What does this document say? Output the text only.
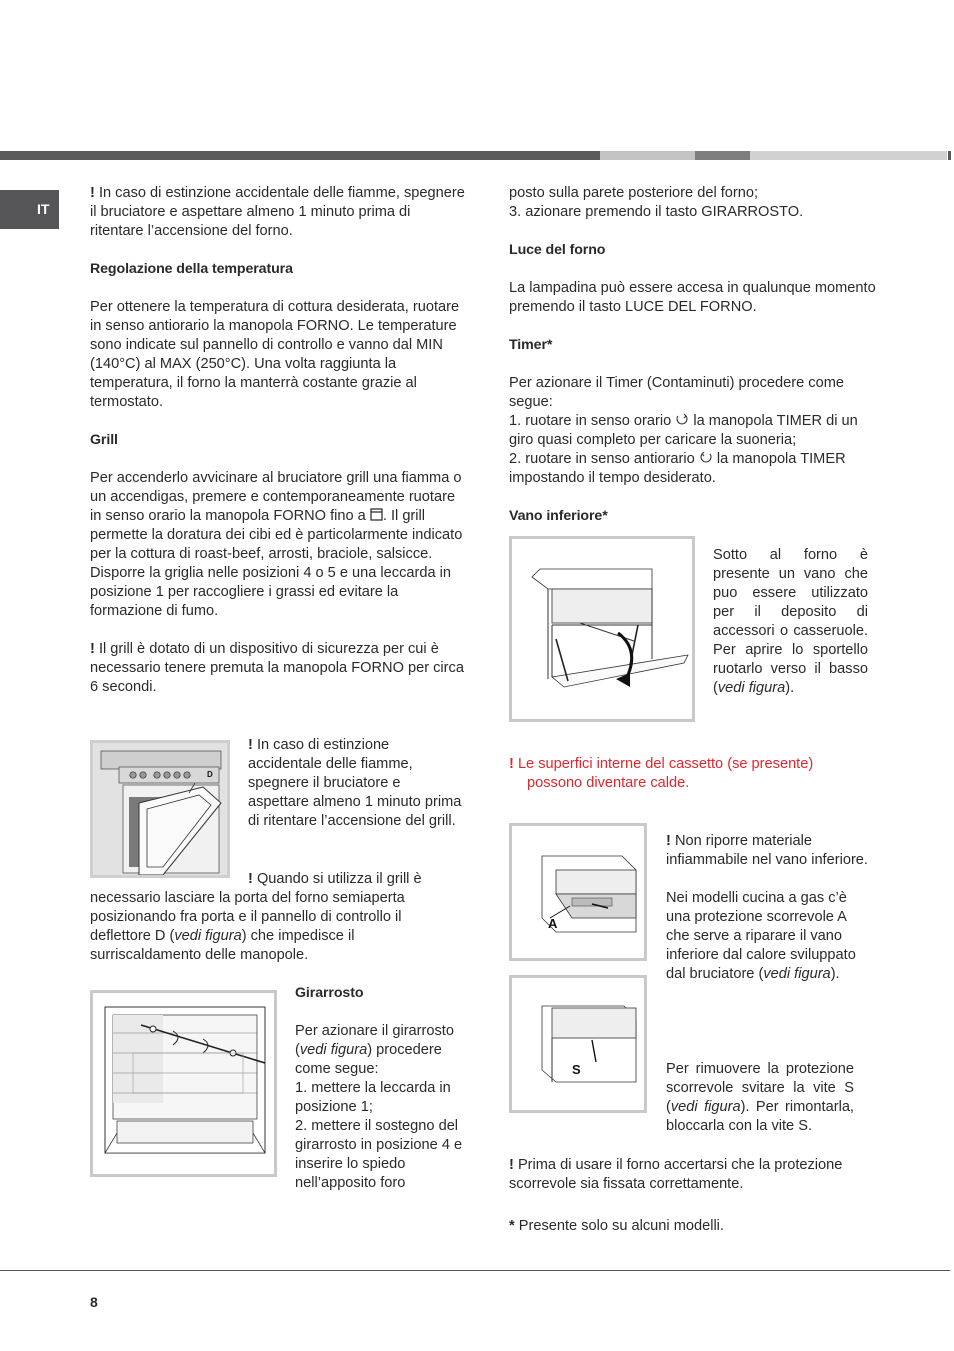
IT

! In caso di estinzione accidentale delle fiamme, spegnere il bruciatore e aspettare almeno 1 minuto prima di ritentare l’accensione del forno.

Regolazione della temperatura

Per ottenere la temperatura di cottura desiderata, ruotare in senso antiorario la manopola FORNO. Le temperature sono indicate sul pannello di controllo e vanno dal MIN (140°C) al MAX (250°C). Una volta raggiunta la temperatura, il forno la manterrà costante grazie al termostato.

Grill

Per accenderlo avvicinare al bruciatore grill una fiamma o un accendigas, premere e contemporaneamente ruotare in senso orario la manopola FORNO fino a . Il grill permette la doratura dei cibi ed è particolarmente indicato per la cottura di roast-beef, arrosti, braciole, salsicce. Disporre la griglia nelle posizioni 4 o 5 e una leccarda in posizione 1 per raccogliere i grassi ed evitare la formazione di fumo.

! Il grill è dotato di un dispositivo di sicurezza per cui è necessario tenere premuta la manopola FORNO per circa 6 secondi.

D

! In caso di estinzione accidentale delle fiamme, spegnere il bruciatore e aspettare almeno 1 minuto prima di ritentare l’accensione del grill.

! Quando si utilizza il grill è necessario lasciare la porta del forno semiaperta posizionando fra porta e il pannello di controllo il deflettore D (vedi figura) che impedisce il surriscaldamento delle manopole.

Girarrosto

Per azionare il girarrosto (vedi figura) procedere come segue:

1. mettere la leccarda in posizione 1;

2. mettere il sostegno del girarrosto in posizione 4 e inserire lo spiedo nell’apposito foro

posto sulla parete posteriore del forno;

3. azionare premendo il tasto GIRARROSTO.

Luce del forno

La lampadina può essere accesa in qualunque momento premendo il tasto LUCE DEL FORNO.

Timer*

Per azionare il Timer (Contaminuti) procedere come segue:

1. ruotare in senso orario la manopola TIMER di un giro quasi completo per caricare la suoneria;

2. ruotare in senso antiorario la manopola TIMER impostando il tempo desiderato.

Vano inferiore*

Sotto al forno è presente un vano che puo essere utilizzato per il deposito di accessori o casseruole. Per aprire lo sportello ruotarlo verso il basso (vedi figura).

! Le superfici interne del cassetto (se presente) possono diventare calde.

A
S

! Non riporre materiale infiammabile nel vano inferiore.

Nei modelli cucina a gas c’è una protezione scorrevole A che serve a riparare il vano inferiore dal calore sviluppato dal bruciatore (vedi figura).

Per rimuovere la protezione scorrevole svitare la vite S (vedi figura). Per rimontarla, bloccarla con la vite S.

! Prima di usare il forno accertarsi che la protezione scorrevole sia fissata correttamente.

* Presente solo su alcuni modelli.

8
